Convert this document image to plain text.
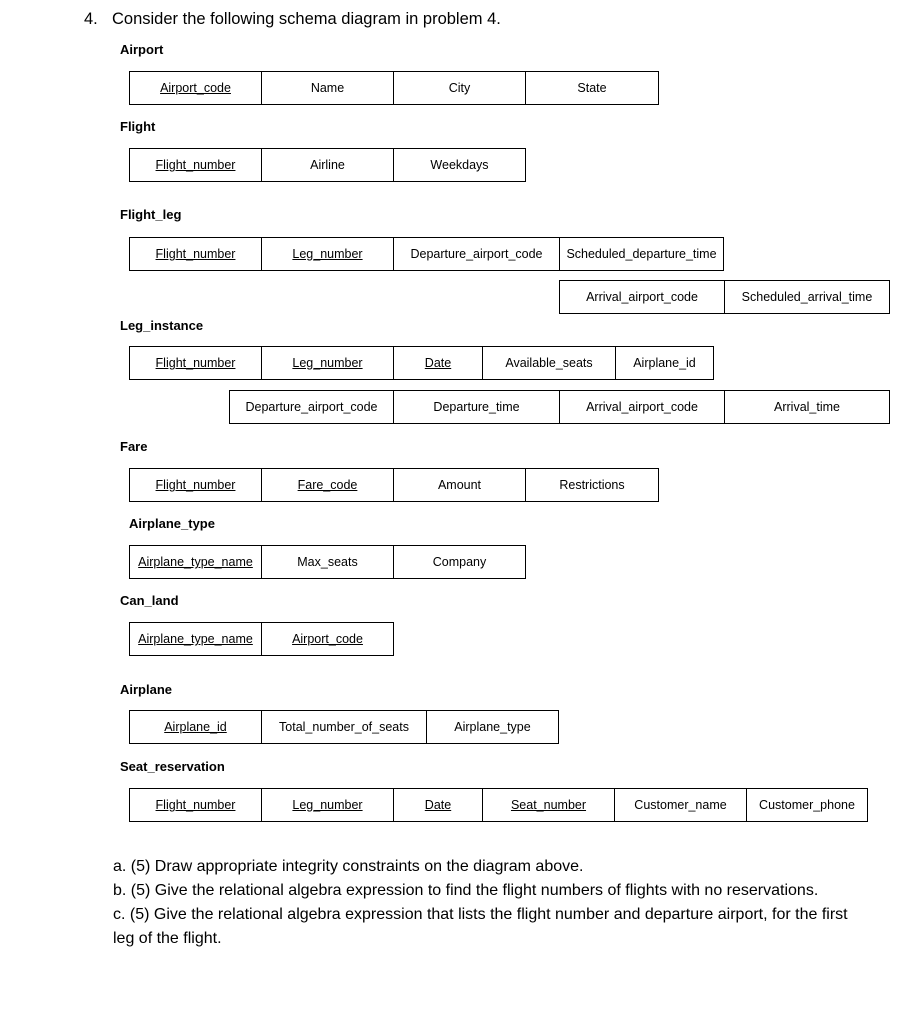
4. Consider the following schema diagram in problem 4.
Airport
Airport_code	Name	City	State
Flight
Flight_number	Airline	Weekdays
Flight_leg
Flight_number	Leg_number	Departure_airport_code	Scheduled_departure_time
Arrival_airport_code	Scheduled_arrival_time
Leg_instance
Flight_number	Leg_number	Date	Available_seats	Airplane_id
Departure_airport_code	Departure_time	Arrival_airport_code	Arrival_time
Fare
Flight_number	Fare_code	Amount	Restrictions
Airplane_type
Airplane_type_name	Max_seats	Company
Can_land
Airplane_type_name	Airport_code
Airplane
Airplane_id	Total_number_of_seats	Airplane_type
Seat_reservation
Flight_number	Leg_number	Date	Seat_number	Customer_name	Customer_phone

a. (5) Draw appropriate integrity constraints on the diagram above.

b. (5) Give the relational algebra expression to find the flight numbers of flights with no reservations.

c. (5) Give the relational algebra expression that lists the flight number and departure airport, for the first leg of the flight.
